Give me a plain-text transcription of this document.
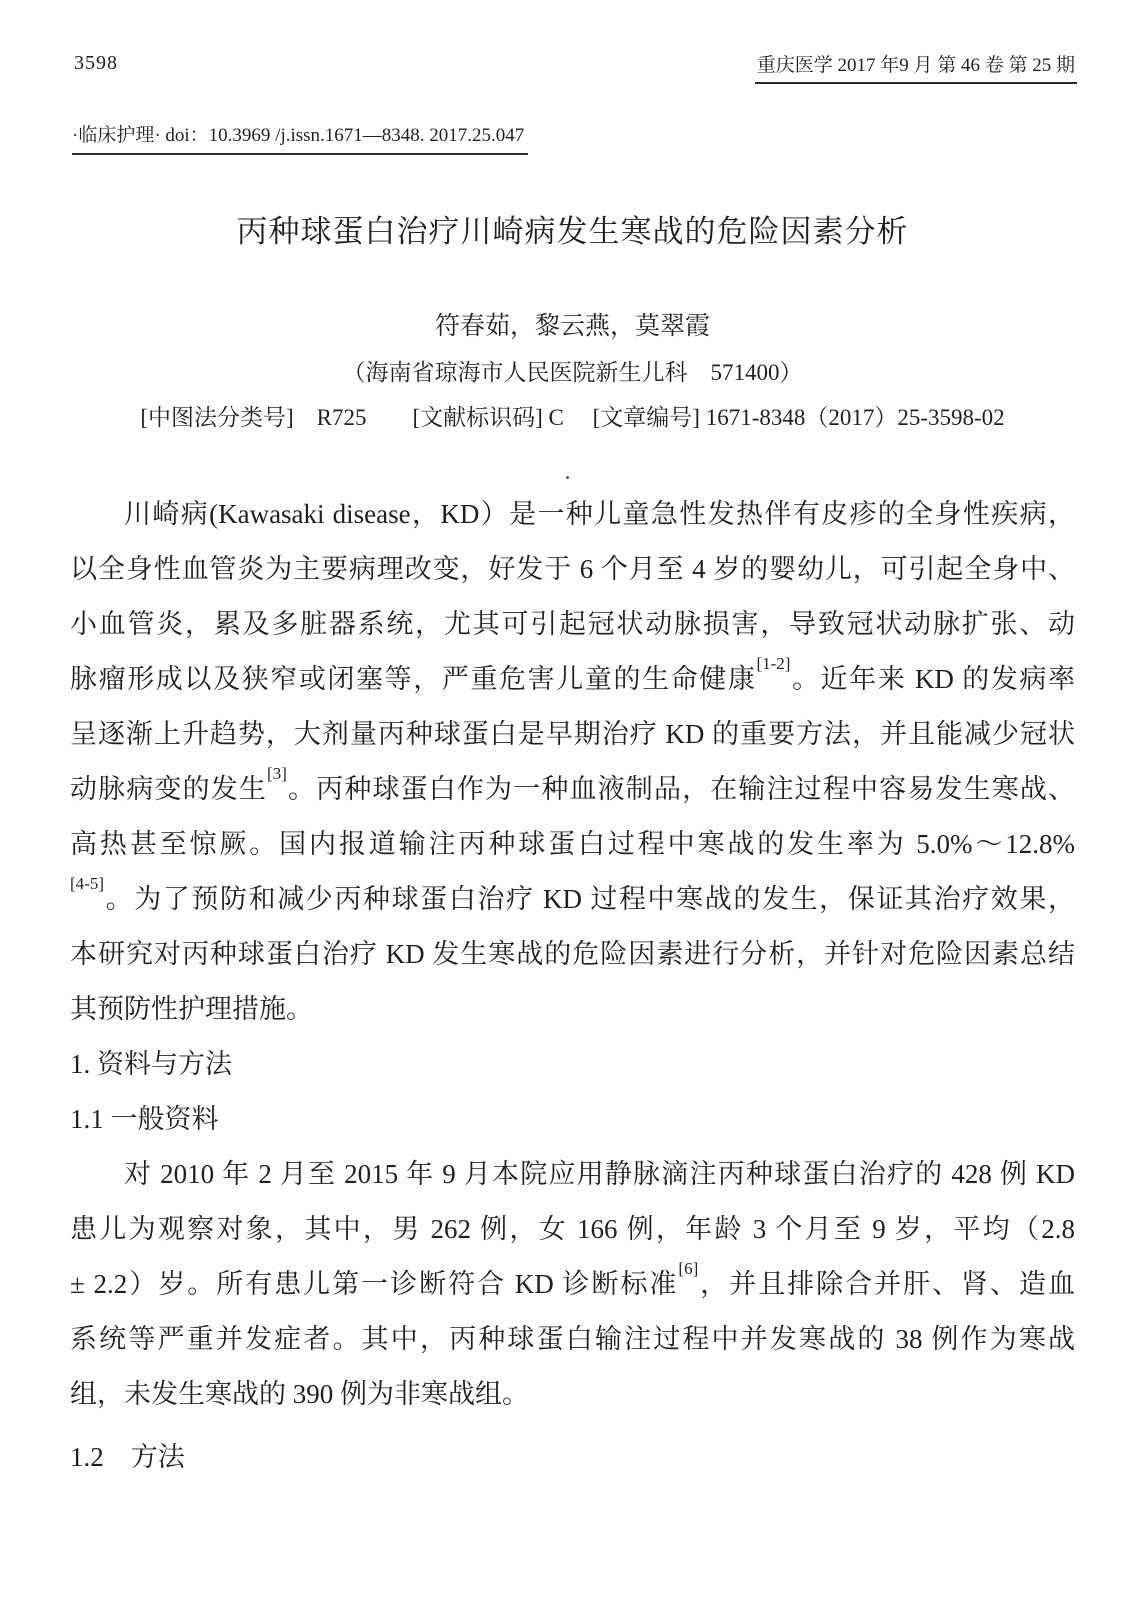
3598	重庆医学 2017 年9 月 第 46 卷 第 25 期
·临床护理· doi：10.3969 /j.issn.1671—8348. 2017.25.047
丙种球蛋白治疗川崎病发生寒战的危险因素分析
符春茹，黎云燕，莫翠霞
（海南省琼海市人民医院新生儿科　571400）
[中图法分类号]　R725　　[文献标识码] C　 [文章编号] 1671-8348（2017）25-3598-02
川崎病(Kawasaki disease，KD）是一种儿童急性发热伴有皮疹的全身性疾病，
以全身性血管炎为主要病理改变，好发于 6 个月至 4 岁的婴幼儿，可引起全身中、
小血管炎，累及多脏器系统，尤其可引起冠状动脉损害，导致冠状动脉扩张、动
脉瘤形成以及狭窄或闭塞等，严重危害儿童的生命健康[1-2]。近年来 KD 的发病率
呈逐渐上升趋势，大剂量丙种球蛋白是早期治疗 KD 的重要方法，并且能减少冠状
动脉病变的发生[3]。丙种球蛋白作为一种血液制品，在输注过程中容易发生寒战、
高热甚至惊厥。国内报道输注丙种球蛋白过程中寒战的发生率为 5.0%～12.8%
[4-5]。为了预防和减少丙种球蛋白治疗 KD 过程中寒战的发生，保证其治疗效果，
本研究对丙种球蛋白治疗 KD 发生寒战的危险因素进行分析，并针对危险因素总结
其预防性护理措施。
1. 资料与方法
1.1 一般资料
对 2010 年 2 月至 2015 年 9 月本院应用静脉滴注丙种球蛋白治疗的 428 例 KD
患儿为观察对象，其中，男 262 例，女 166 例，年龄 3 个月至 9 岁，平均（2.8
± 2.2）岁。所有患儿第一诊断符合 KD 诊断标准[6]，并且排除合并肝、肾、造血
系统等严重并发症者。其中，丙种球蛋白输注过程中并发寒战的 38 例作为寒战
组，未发生寒战的 390 例为非寒战组。
1.2　方法
